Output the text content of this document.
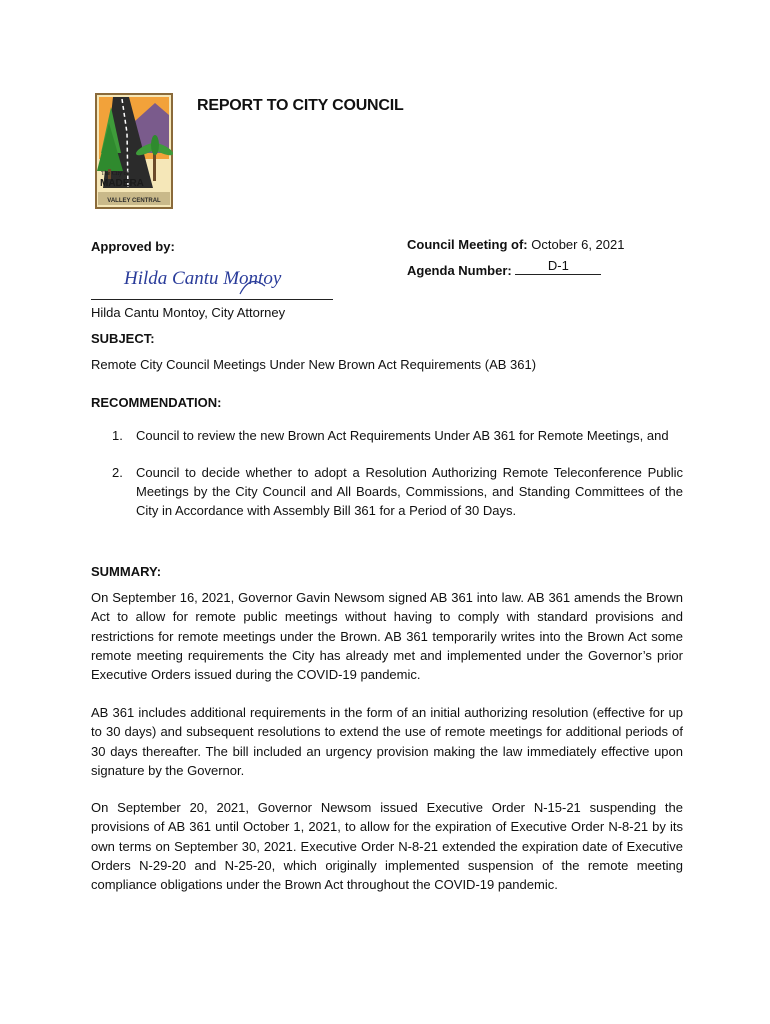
The City of
MADERA
VALLEY CENTRAL
REPORT TO CITY COUNCIL
Approved by:
Hilda Cantu Montoy
Hilda Cantu Montoy, City Attorney
Council Meeting of: October 6, 2021
Agenda Number:	D-1
SUBJECT:
Remote City Council Meetings Under New Brown Act Requirements (AB 361)
RECOMMENDATION:
1. Council to review the new Brown Act Requirements Under AB 361 for Remote Meetings, and
2. Council to decide whether to adopt a Resolution Authorizing Remote Teleconference Public Meetings by the City Council and All Boards, Commissions, and Standing Committees of the City in Accordance with Assembly Bill 361 for a Period of 30 Days.
SUMMARY:
On September 16, 2021, Governor Gavin Newsom signed AB 361 into law. AB 361 amends the Brown Act to allow for remote public meetings without having to comply with standard provisions and restrictions for remote meetings under the Brown. AB 361 temporarily writes into the Brown Act some remote meeting requirements the City has already met and implemented under the Governor’s prior Executive Orders issued during the COVID-19 pandemic.
AB 361 includes additional requirements in the form of an initial authorizing resolution (effective for up to 30 days) and subsequent resolutions to extend the use of remote meetings for additional periods of 30 days thereafter. The bill included an urgency provision making the law immediately effective upon signature by the Governor.
On September 20, 2021, Governor Newsom issued Executive Order N-15-21 suspending the provisions of AB 361 until October 1, 2021, to allow for the expiration of Executive Order N-8-21 by its own terms on September 30, 2021. Executive Order N-8-21 extended the expiration date of Executive Orders N-29-20 and N-25-20, which originally implemented suspension of the remote meeting compliance obligations under the Brown Act throughout the COVID-19 pandemic.
